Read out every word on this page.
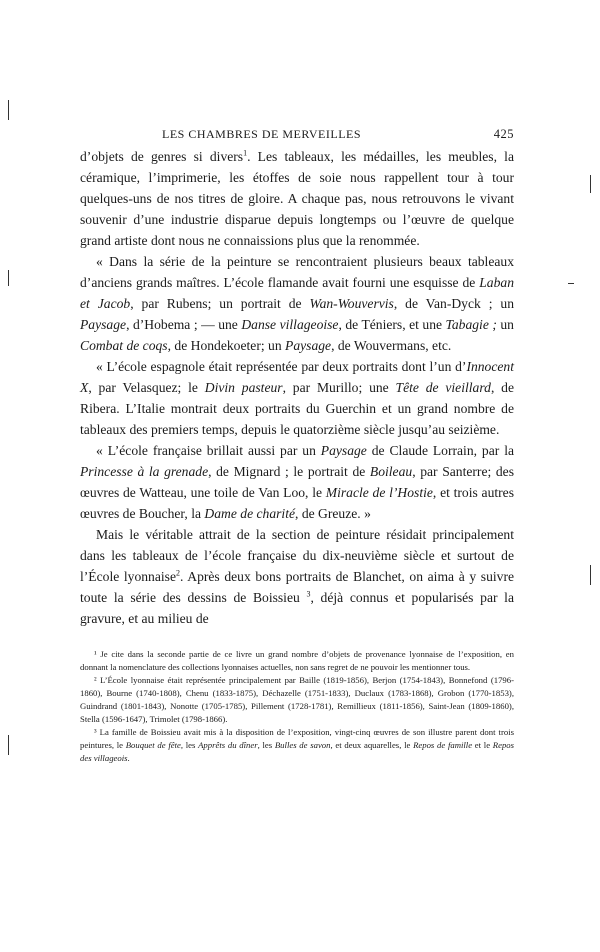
LES CHAMBRES DE MERVEILLES	425

d’objets de genres si divers$^1$. Les tableaux, les médailles, les meubles, la céramique, l’imprimerie, les étoffes de soie nous rappellent tour à tour quelques-uns de nos titres de gloire. A chaque pas, nous retrouvons le vivant souvenir d’une industrie disparue depuis longtemps ou l’œuvre de quelque grand artiste dont nous ne connaissions plus que la renommée.

« Dans la série de la peinture se rencontraient plusieurs beaux tableaux d’anciens grands maîtres. L’école flamande avait fourni une esquisse de Laban et Jacob, par Rubens; un portrait de Wan-Wouvervis, de Van-Dyck ; un Paysage, d’Hobema ; — une Danse villageoise, de Téniers, et une Tabagie ; un Combat de coqs, de Hondekoeter; un Paysage, de Wouvermans, etc.

« L’école espagnole était représentée par deux portraits dont l’un d’Innocent X, par Velasquez; le Divin pasteur, par Murillo; une Tête de vieillard, de Ribera. L’Italie montrait deux portraits du Guerchin et un grand nombre de tableaux des premiers temps, depuis le quatorzième siècle jusqu’au seizième.

« L’école française brillait aussi par un Paysage de Claude Lorrain, par la Princesse à la grenade, de Mignard ; le portrait de Boileau, par Santerre; des œuvres de Watteau, une toile de Van Loo, le Miracle de l’Hostie, et trois autres œuvres de Boucher, la Dame de charité, de Greuze. »

Mais le véritable attrait de la section de peinture résidait principalement dans les tableaux de l’école française du dix-neuvième siècle et surtout de l’École lyonnaise$^2$. Après deux bons portraits de Blanchet, on aima à y suivre toute la série des dessins de Boissieu $^3$, déjà connus et popularisés par la gravure, et au milieu de

¹ Je cite dans la seconde partie de ce livre un grand nombre d’objets de provenance lyonnaise de l’exposition, en donnant la nomenclature des collections lyonnaises actuelles, non sans regret de ne pouvoir les mentionner tous.

² L’École lyonnaise était représentée principalement par Baille (1819-1856), Berjon (1754-1843), Bonnefond (1796-1860), Bourne (1740-1808), Chenu (1833-1875), Déchazelle (1751-1833), Duclaux (1783-1868), Grobon (1770-1853), Guindrand (1801-1843), Nonotte (1705-1785), Pillement (1728-1781), Remillieux (1811-1856), Saint-Jean (1809-1860), Stella (1596-1647), Trimolet (1798-1866).

³ La famille de Boissieu avait mis à la disposition de l’exposition, vingt-cinq œuvres de son illustre parent dont trois peintures, le Bouquet de fête, les Apprêts du dîner, les Bulles de savon, et deux aquarelles, le Repos de famille et le Repos des villageois.
